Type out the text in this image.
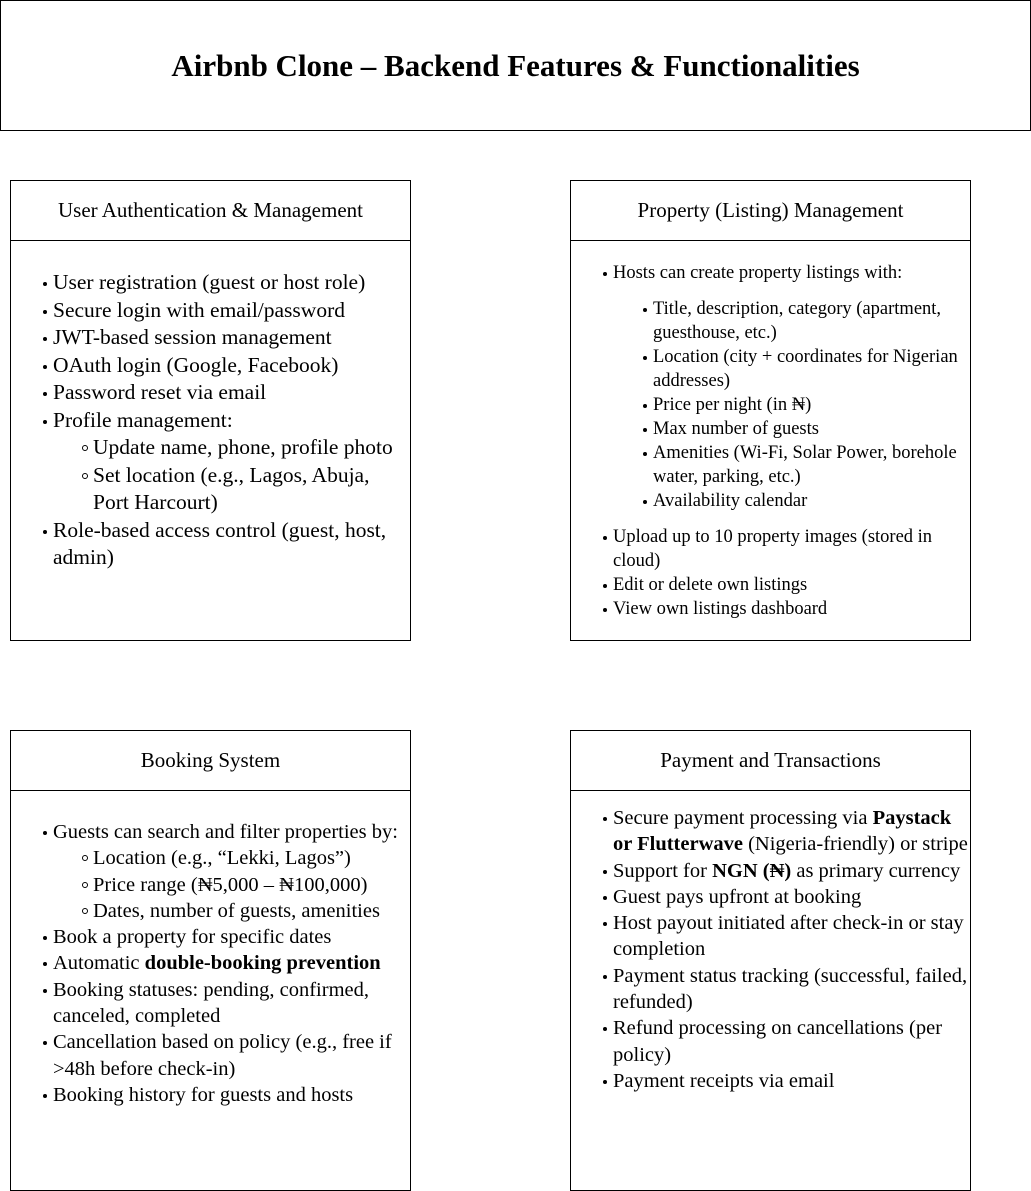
Airbnb Clone – Backend Features & Functionalities
User Authentication & Management
User registration (guest or host role)
Secure login with email/password
JWT-based session management
OAuth login (Google, Facebook)
Password reset via email
Profile management:
Update name, phone, profile photo
Set location (e.g., Lagos, Abuja, Port Harcourt)
Role-based access control (guest, host, admin)
Property (Listing) Management
Hosts can create property listings with:
Title, description, category (apartment, guesthouse, etc.)
Location (city + coordinates for Nigerian addresses)
Price per night (in ₦)
Max number of guests
Amenities (Wi-Fi, Solar Power, borehole water, parking, etc.)
Availability calendar
Upload up to 10 property images (stored in cloud)
Edit or delete own listings
View own listings dashboard
Booking System
Guests can search and filter properties by:
Location (e.g., “Lekki, Lagos”)
Price range (₦5,000 – ₦100,000)
Dates, number of guests, amenities
Book a property for specific dates
Automatic double-booking prevention
Booking statuses: pending, confirmed, canceled, completed
Cancellation based on policy (e.g., free if >48h before check-in)
Booking history for guests and hosts
Payment and Transactions
Secure payment processing via Paystack or Flutterwave (Nigeria-friendly) or stripe
Support for NGN (₦) as primary currency
Guest pays upfront at booking
Host payout initiated after check-in or stay completion
Payment status tracking (successful, failed, refunded)
Refund processing on cancellations (per policy)
Payment receipts via email
